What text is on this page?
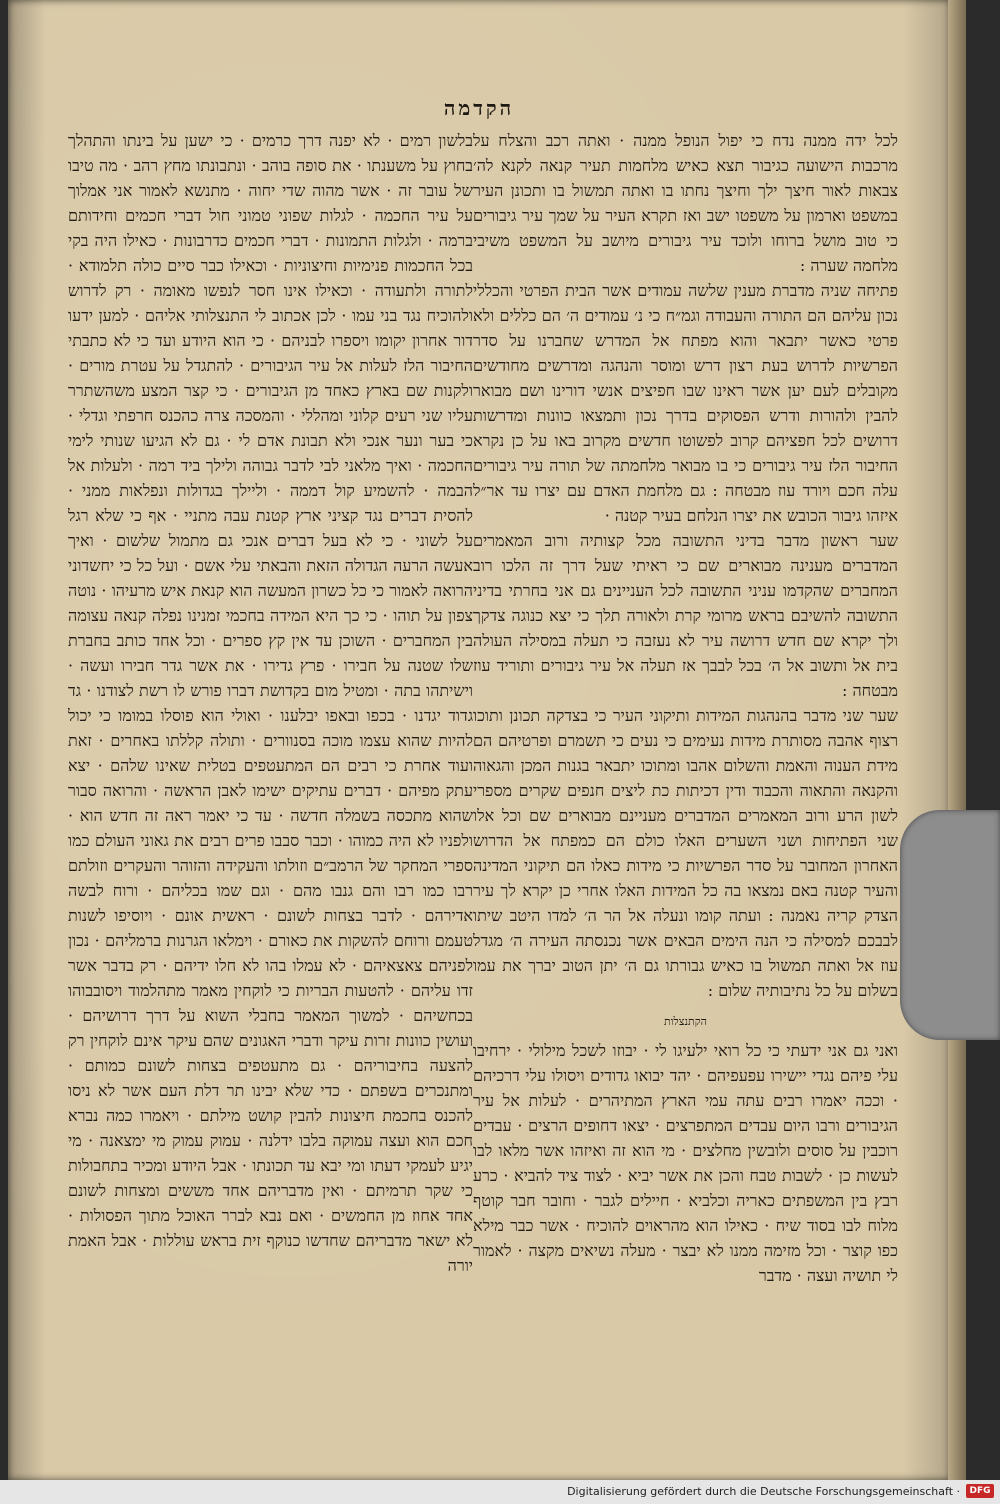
הקדמה

לכל ידה ממנה נדח כי יפול הנופל ממנה · ואתה רכב והצלח על מרכבות הישועה כגיבור תצא כאיש מלחמות תעיר קנאה לקנא לה׳ צבאות לאור חיצך ילך וחיצך נחתו בו ואתה תמשול בו ותכונן העיר במשפט וארמון על משפטו ישב ואז תקרא העיר על שמך עיר גיבורים כי טוב מושל ברוחו ולוכד עיר גיבורים מיושב על המשפט משיבי מלחמה שערה :

פתיחה שניה מדברת מענין שלשה עמודים אשר הבית הפרטי והכללי נכון עליהם הם התורה והעבודה וגמ״ח כי נ׳ עמודים ה׳ הם כללים ולא פרטי כאשר יתבאר והוא מפתח אל המדרש שחברנו על סדר הפרשיות לדרוש בעת רצון דרש ומוסר והנהגה ומדרשים מחודשים מקובלים לעם יען אשר ראינו שבו חפיצים אנשי דורינו ושם מבואר להבין ולהורות ודרש הפסוקים בדרך נכון ותמצאו כוונות ומדרשות דרושים לכל חפציהם קרוב לפשוטו חדשים מקרוב באו על כן נקרא החיבור הלז עיר גיבורים כי בו מבואר מלחמתה של תורה עיר גיבורים עלה חכם ויורד עוז מבטחה : גם מלחמת האדם עם יצרו עד אר״ל איזהו גיבור הכובש את יצרו הנלחם בעיר קטנה ·

שער ראשון מדבר בדיני התשובה מכל קצותיה ורוב המאמרים המדברים מענינה מבוארים שם כי ראיתי שעל דרך זה הלכו רוב המחברים שהקדמו עניני התשובה לכל העניינים גם אני בחרתי בדיני התשובה להשיבם בראש מרומי קרת ולאורה תלך כי יצא כנוגה צדקך ולך יקרא שם חדש דרושה עיר לא נעזבה כי תעלה במסילה העולה בית אל ותשוב אל ה׳ בכל לבבך אז תעלה אל עיר גיבורים ותוריד עוז מבטחה :

שער שני מדבר בהנהגות המידות ותיקוני העיר כי בצדקה תכונן ותוכו רצוף אהבה מסותרת מידות נעימים כי נעים כי תשמרם ופרטיהם הם מידת הענוה והאמת והשלום אהבו ומתוכו יתבאר בגנות המכן והגאוה והקנאה והתאוה והכבוד ודין דכיתות כת ליצים חנפים שקרים מספרי לשון הרע ורוב המאמרים המדברים מעניינם מבוארים שם וכל אלו שני הפתיחות ושני השערים האלו כולם הם כמפתח אל הדרוש האחרון המחובר על סדר הפרשיות כי מידות כאלו הם תיקוני המדינה והעיר קטנה באם נמצאו בה כל המידות האלו אחרי כן יקרא לך עיר הצדק קריה נאמנה : ועתה קומו ונעלה אל הר ה׳ למדו היטב שיתו לבבכם למסילה כי הנה הימים הבאים אשר נכנסתה העירה ה׳ מגדל עוז אל ואתה תמשול בו כאיש גבורתו גם ה׳ יתן הטוב יברך את עמו בשלום על כל נתיבותיה שלום :

הקתנצלות

ואני גם אני ידעתי כי כל רואי ילעיגו לי · יבוזו לשכל מילולי · ירחיבו עלי פיהם נגדי יישירו עפעפיהם · יהד יבואו גדודים ויסולו עלי דרכיהם · וככה יאמרו רבים עתה עמי הארץ המתיהרים · לעלות אל עיר הגיבורים ורבו היום עבדים המתפרצים · יצאו דחופים הרצים · עבדים רוכבין על סוסים ולובשין מחלצים · מי הוא זה ואיזהו אשר מלאו לבו לעשות כן · לשבות טבח והכן את אשר יביא · לצוד ציד להביא · כרע רבץ בין המשפתים כאריה וכלביא · חיילים לגבר · וחובר חבר קוטף מלוח לבו בסוד שיח · כאילו הוא מהראוים להוכיח · אשר כבר מילא כפו קוצר · וכל מזימה ממנו לא יבצר · מעלה נשיאים מקצה · לאמור לי תושיה ועצה · מדבר

בלשון רמים · לא יפנה דרך כרמים · כי ישען על בינתו והתהלך בחוץ על משענתו · את סופה בוהב · ונתבונתו מחץ רהב · מה טיבו של עובר זה · אשר מהוה שדי יחוה · מתנשא לאמור אני אמלוך על עיר החכמה · לגלות שפוני טמוני חול דברי חכמים וחידותם ברמה · ולגלות התמונות · דברי חכמים כדרבונות · כאילו היה בקי בכל החכמות פנימיות וחיצוניות · וכאילו כבר סיים כולה תלמודא · לתורה ולתעודה · וכאילו אינו חסר לנפשו מאומה · רק לדרוש ולהוכיח נגד בני עמו · לכן אכתוב לי התנצלותי אליהם · למען ידעו דור אחרון יקומו ויספרו לבניהם · כי הוא היודע ועד כי לא כתבתי החיבור הלז לעלות אל עיר הגיבורים · להתגדל על עטרת מורים · ולקנות שם בארץ כאחד מן הגיבורים · כי קצר המצע משהשתרר עליו שני רעים קלוני ומהללי · והמסכה צרה כהכנס חרפתי וגדלי · כי בער ונער אנכי ולא תבונת אדם לי · גם לא הגיעו שנותי לימי החכמה · ואיך מלאני לבי לדבר גבוהה ולילך ביד רמה · ולעלות אל הבמה · להשמיע קול דממה · וליילך בגדולות ונפלאות ממני · להסית דברים נגד קציני ארץ קטנת עבה מתניי · אף כי שלא רגל על לשוני · כי לא בעל דברים אנכי גם מתמול שלשום · ואיך אעשה הרעה הגדולה הזאת והבאתי עלי אשם · ועל כל כי יחשדוני הרואה לאמור כי כל כשרון המעשה הוא קנאת איש מרעיהו · נוטה צפון על תוהו · כי כך היא המידה בחכמי זמנינו נפלה קנאה עצומה בין המחברים · השוכן עד אין קץ ספרים · וכל אחד כותב בחברת שלו שטנה על חבירו · פרץ גדירו · את אשר גדר חבירו ועשה · וישיתהו בתה · ומטיל מום בקדושת דברו פורש לו רשת לצודנו · גד גדוד יגדנו · בכפו ובאפו יבלענו · ואולי הוא פוסלו במומו כי יכול להיות שהוא עצמו מוכה בסנוורים · ותולה קללתו באחרים · זאת ועוד אחרת כי רבים הם המתעטפים בטלית שאינו שלהם · יצא עתק מפיהם · דברים עתיקים ישימו לאבן הראשה · והרואה סבור שהוא מתכסה בשמלה חדשה · עד כי יאמר ראה זה חדש הוא · ולפניו לא היה כמוהו · וכבר סבבו פרים רבים את גאוני העולם כמו ספרי המחקר של הרמב״ם וזולתו והעקידה והזוהר והעקרים וזולתם רבו כמו רבו והם גנבו מהם · וגם שמו בכליהם · ורוח לבשה אדירהם · לדבר בצחות לשונם · ראשית אונם · ויוסיפו לשנות טעמם ורוחם להשקות את כאורם · וימלאו הגרנות ברמליהם · נכון לפניהם צאצאיהם · לא עמלו בהו לא חלו ידיהם · רק בדבר אשר זדו עליהם · להטעות הבריות כי לוקחין מאמר מתהלמוד ויסובבוהו בכחשיהם · למשוך המאמר בחבלי השוא על דרך דרושיהם · ועושין כוונות זרות עיקר ודברי האגונים שהם עיקר אינם לוקחין רק להצעה בחיבוריהם · גם מתעטפים בצחות לשונם כמותם · ומתנכרים בשפתם · כדי שלא יבינו תר דלת העם אשר לא ניסו להכנס בחכמת חיצונות להבין קושט מילתם · ויאמרו כמה נברא חכם הוא ועצה עמוקה בלבו ידלנה · עמוק עמוק מי ימצאנה · מי יגיע לעמקי דעתו ומי יבא עד תכונתו · אבל היודע ומכיר בתחבולות כי שקר תרמיתם · ואין מדבריהם אחד מששים ומצחות לשונם אחד אחוז מן החמשים · ואם נבא לברר האוכל מתוך הפסולות · לא ישאר מדבריהם שחדשו כנוקף זית בראש עוללות · אבל האמת יורה

Digitalisierung gefördert durch die Deutsche Forschungsgemeinschaft ·	DFG
